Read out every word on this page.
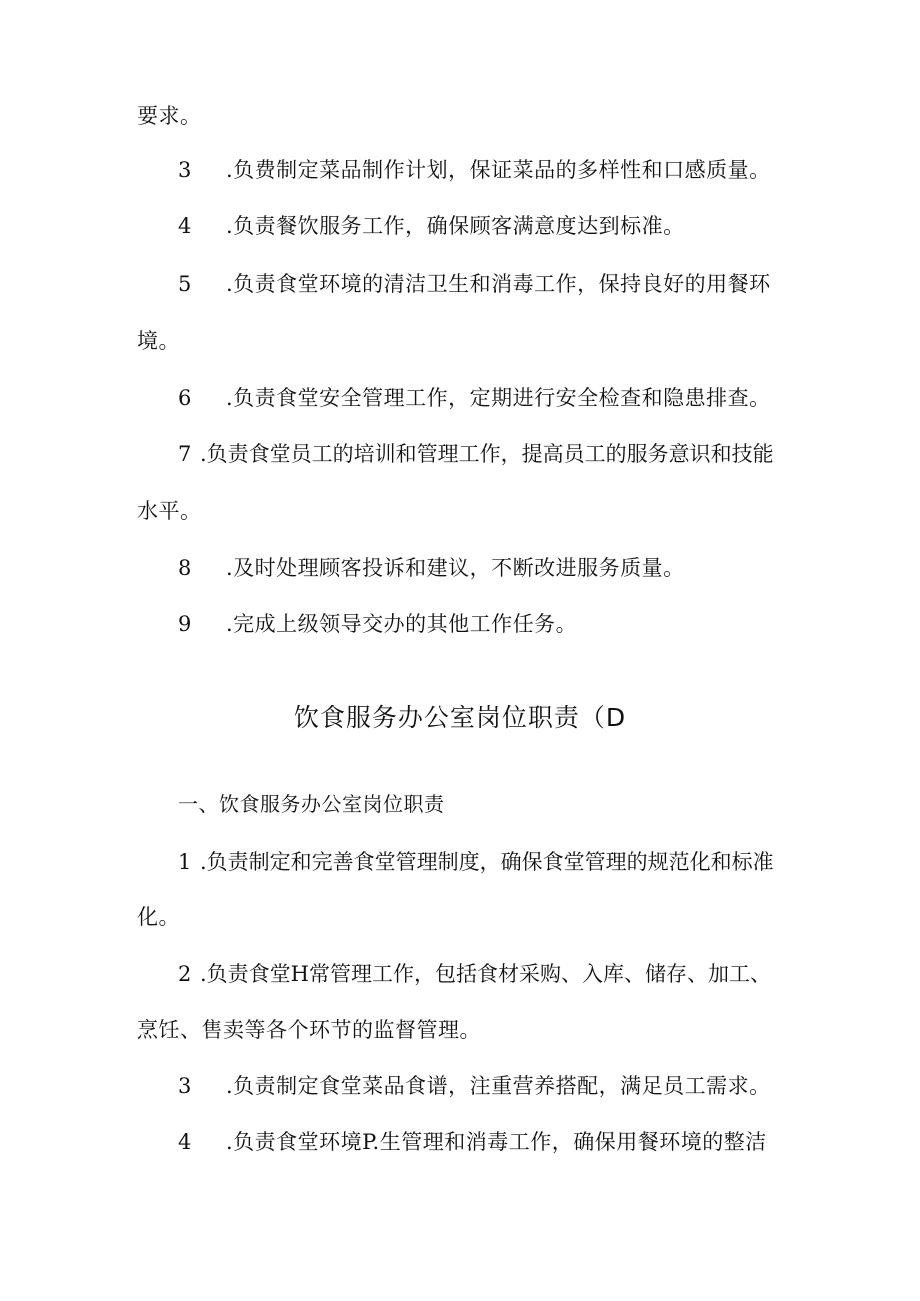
要求。
3 .负费制定菜品制作计划，保证菜品的多样性和口感质量。
4 .负责餐饮服务工作，确保顾客满意度达到标准。
5 .负责食堂环境的清洁卫生和消毒工作，保持良好的用餐环
境。
6 .负责食堂安全管理工作，定期进行安全检查和隐患排查。
7 .负责食堂员工的培训和管理工作，提高员工的服务意识和技能
水平。
8 .及时处理顾客投诉和建议，不断改进服务质量。
9 .完成上级领导交办的其他工作任务。
饮食服务办公室岗位职责（D
一、饮食服务办公室岗位职责
1 .负责制定和完善食堂管理制度，确保食堂管理的规范化和标准
化。
2 .负责食堂H常管理工作，包括食材采购、入库、储存、加工、
烹饪、售卖等各个环节的监督管理。
3 .负责制定食堂菜品食谱，注重营养搭配，满足员工需求。
4 .负责食堂环境P.生管理和消毒工作，确保用餐环境的整洁
